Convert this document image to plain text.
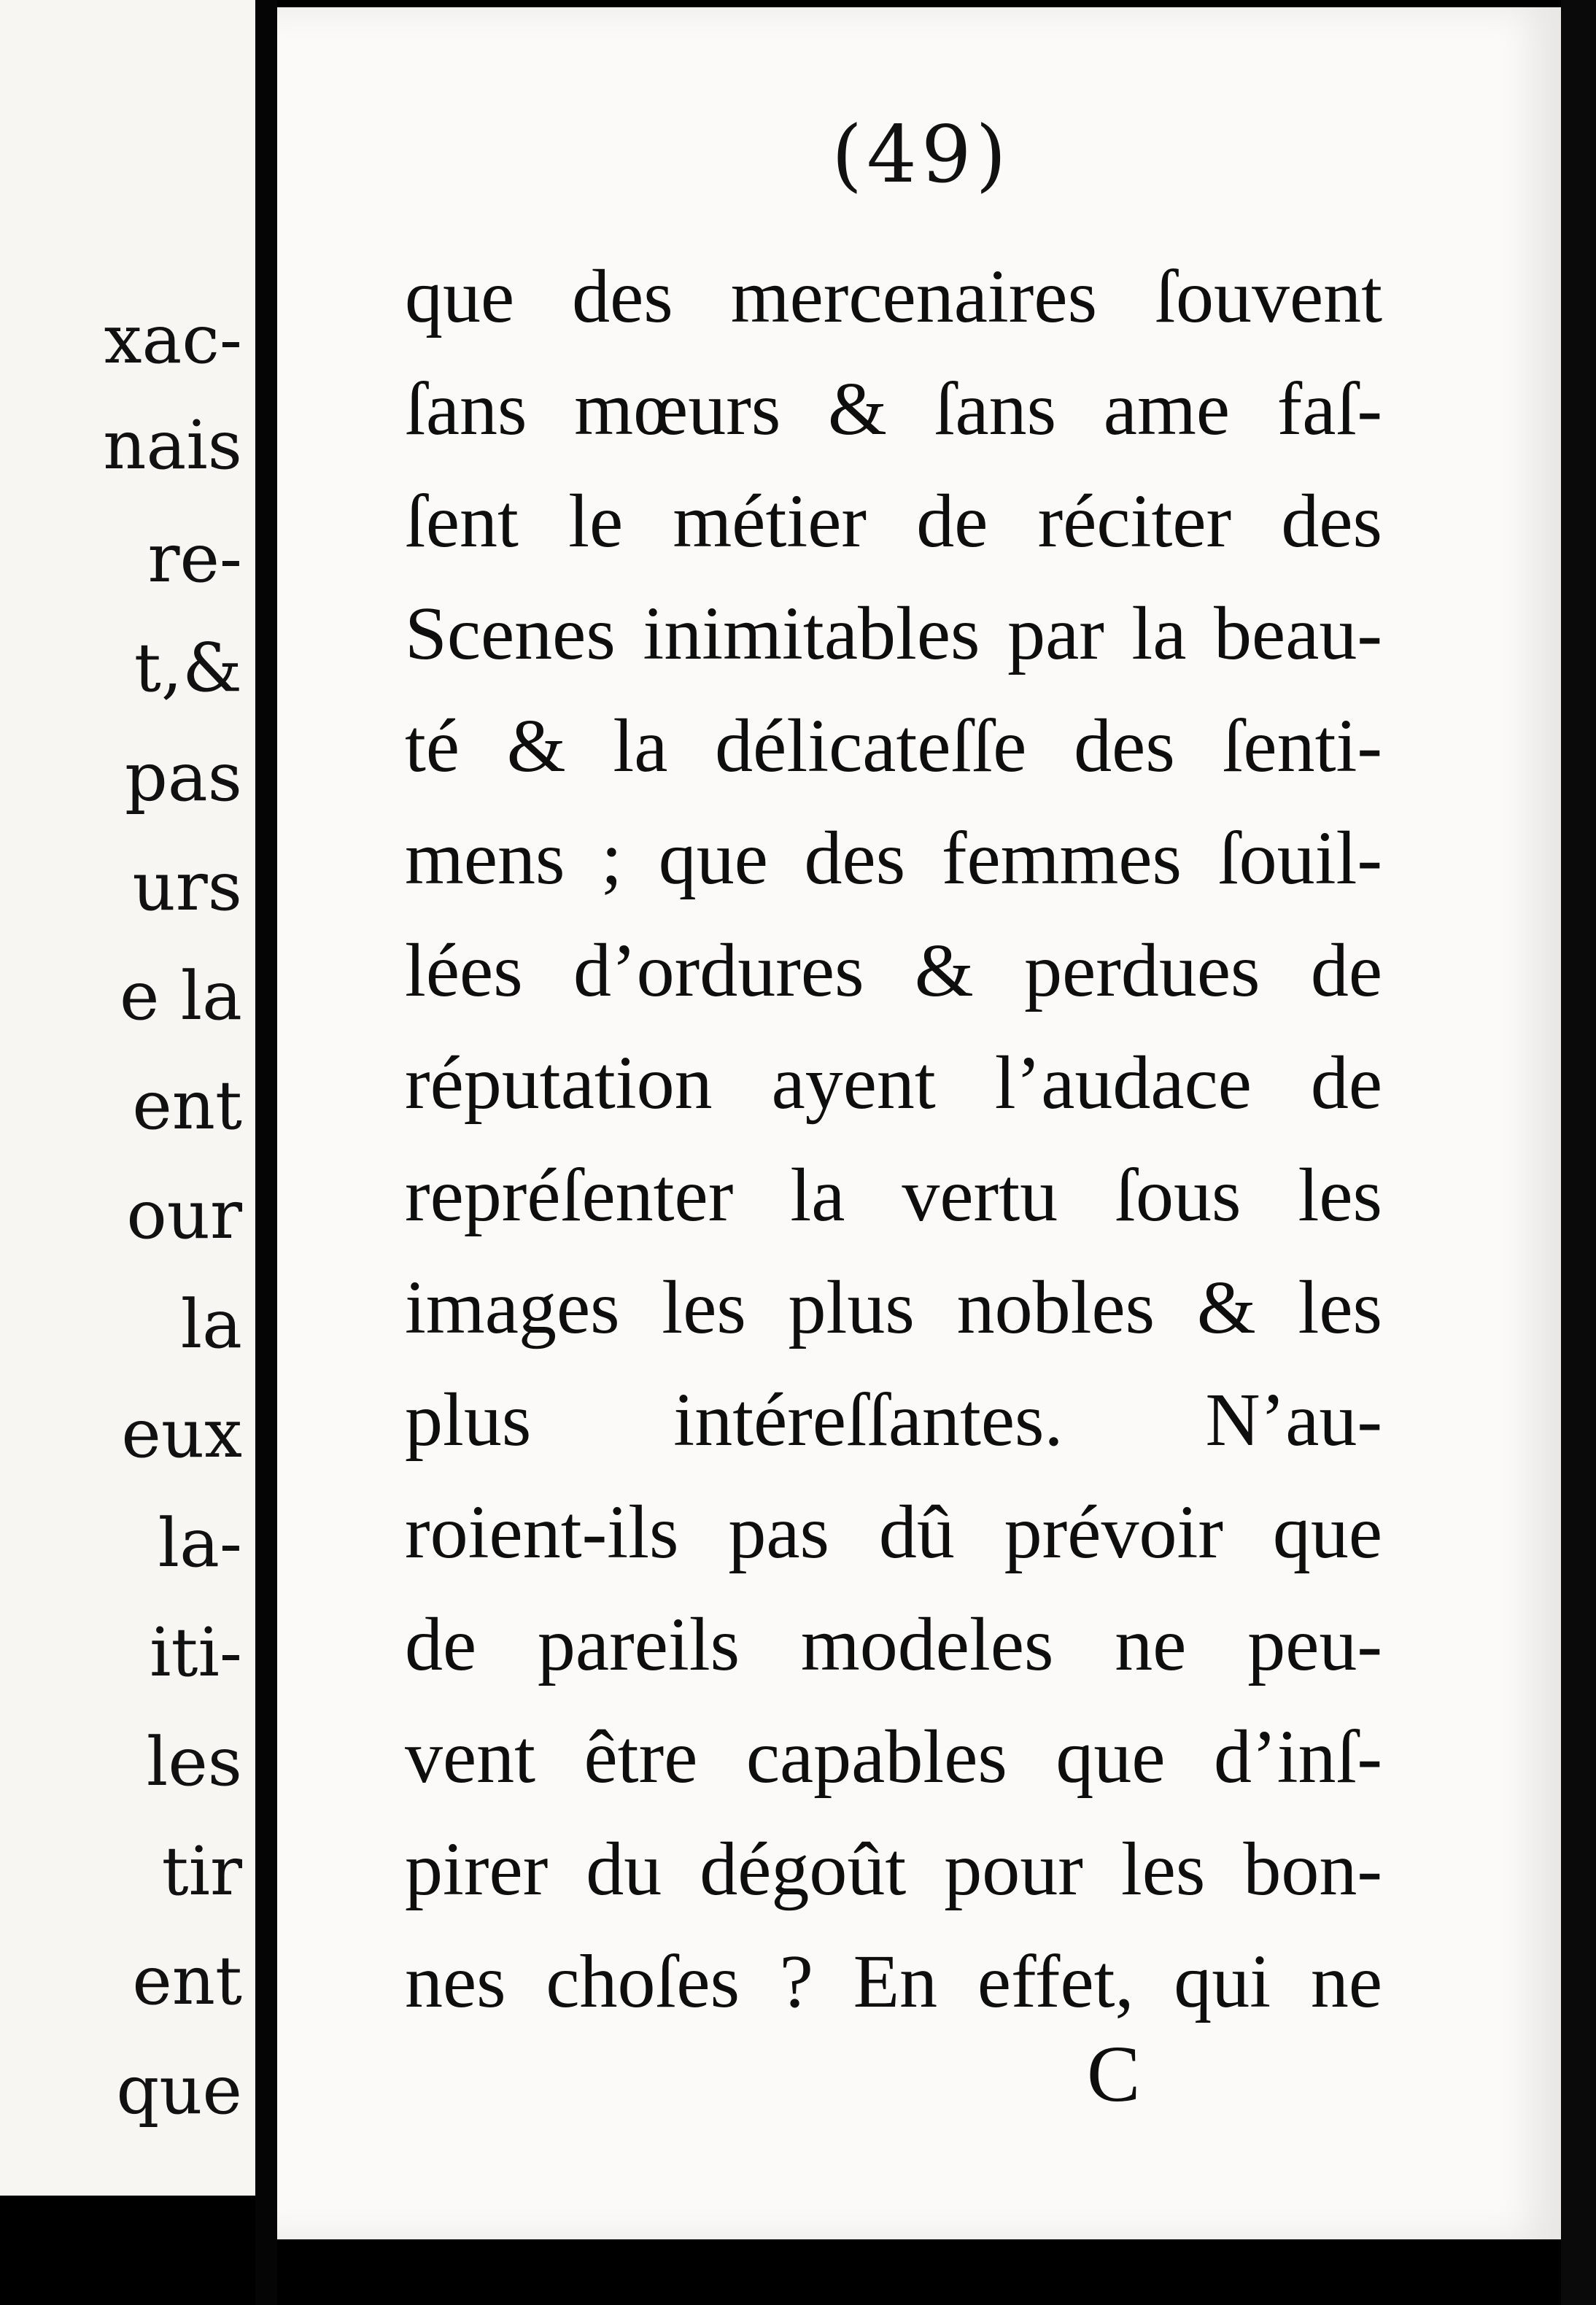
xac-
nais
re-
t,&
pas
urs
e la
ent
our
la
eux
la-
iti-
les
tir
ent
que
(49)
que des mercenaires ſouvent
ſans mœurs & ſans ame faſ-
ſent le métier de réciter des
Scenes inimitables par la beau-
té & la délicateſſe des ſenti-
mens ; que des femmes ſouil-
lées d’ordures & perdues de
réputation ayent l’audace de
repréſenter la vertu ſous les
images les plus nobles & les
plus intéreſſantes. N’au-
roient-ils pas dû prévoir que
de pareils modeles ne peu-
vent être capables que d’inſ-
pirer du dégoût pour les bon-
nes choſes ? En effet, qui ne
C
